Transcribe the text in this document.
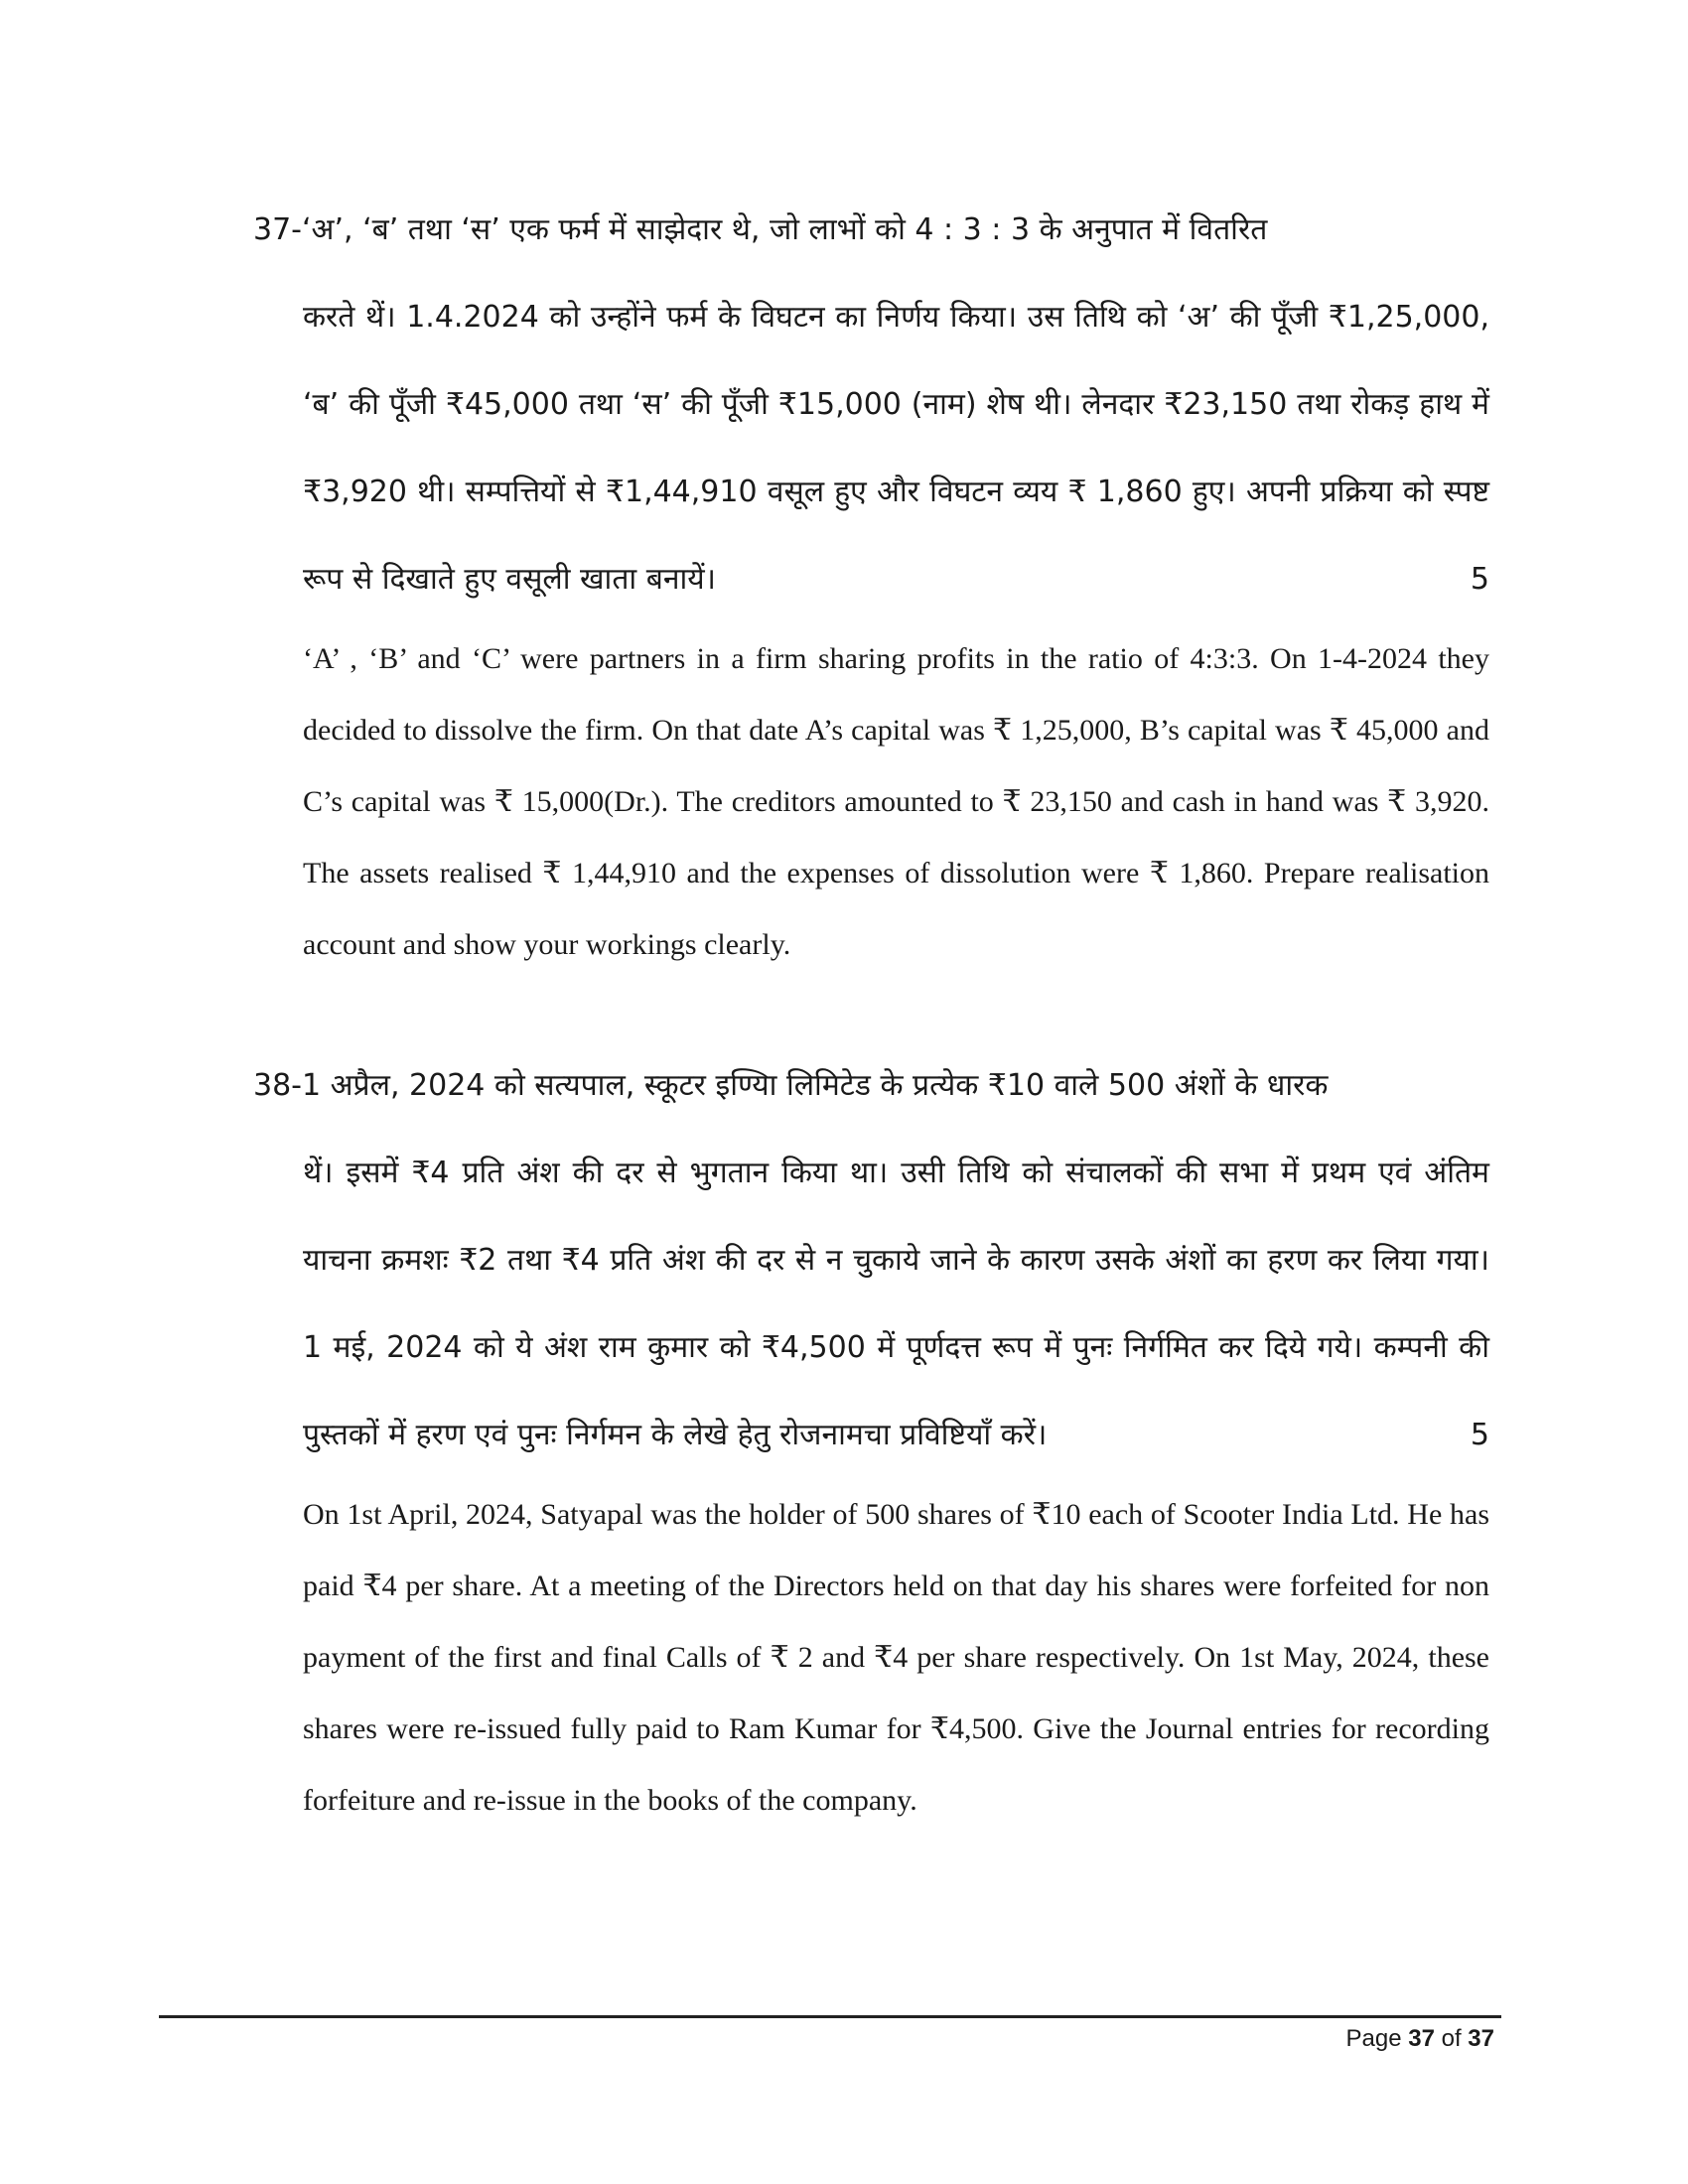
37-‘अ’, ‘ब’ तथा ‘स’ एक फर्म में साझेदार थे, जो लाभों को 4 : 3 : 3 के अनुपात में वितरित

करते थें। 1.4.2024 को उन्होंने फर्म के विघटन का निर्णय किया। उस तिथि को ‘अ’ की पूँजी ₹1,25,000, ‘ब’ की पूँजी ₹45,000 तथा ‘स’ की पूँजी ₹15,000 (नाम) शेष थी। लेनदार ₹23,150 तथा रोकड़ हाथ में ₹3,920 थी। सम्पत्तियों से ₹1,44,910 वसूल हुए और विघटन व्यय ₹ 1,860 हुए। अपनी प्रक्रिया को स्पष्ट रूप से दिखाते हुए वसूली खाता बनायें।	5

‘A’ , ‘B’ and ‘C’ were partners in a firm sharing profits in the ratio of 4:3:3. On 1-4-2024 they decided to dissolve the firm. On that date A’s capital was ₹ 1,25,000, B’s capital was ₹ 45,000 and C’s capital was ₹ 15,000(Dr.). The creditors amounted to ₹ 23,150 and cash in hand was ₹ 3,920. The assets realised ₹ 1,44,910 and the expenses of dissolution were ₹ 1,860. Prepare realisation account and show your workings clearly.

38-1 अप्रैल, 2024 को सत्यपाल, स्कूटर इण्यिा लिमिटेड के प्रत्येक ₹10 वाले 500 अंशों के धारक

थें। इसमें ₹4 प्रति अंश की दर से भुगतान किया था। उसी तिथि को संचालकों की सभा में प्रथम एवं अंतिम याचना क्रमशः ₹2 तथा ₹4 प्रति अंश की दर से न चुकाये जाने के कारण उसके अंशों का हरण कर लिया गया। 1 मई, 2024 को ये अंश राम कुमार को ₹4,500 में पूर्णदत्त रूप में पुनः निर्गमित कर दिये गये। कम्पनी की पुस्तकों में हरण एवं पुनः निर्गमन के लेखे हेतु रोजनामचा प्रविष्टियाँ करें।	5

On 1st April, 2024, Satyapal was the holder of 500 shares of ₹10 each of Scooter India Ltd. He has paid ₹4 per share. At a meeting of the Directors held on that day his shares were forfeited for non payment of the first and final Calls of ₹ 2 and ₹4 per share respectively. On 1st May, 2024, these shares were re-issued fully paid to Ram Kumar for ₹4,500. Give the Journal entries for recording forfeiture and re-issue in the books of the company.

Page 37 of 37
